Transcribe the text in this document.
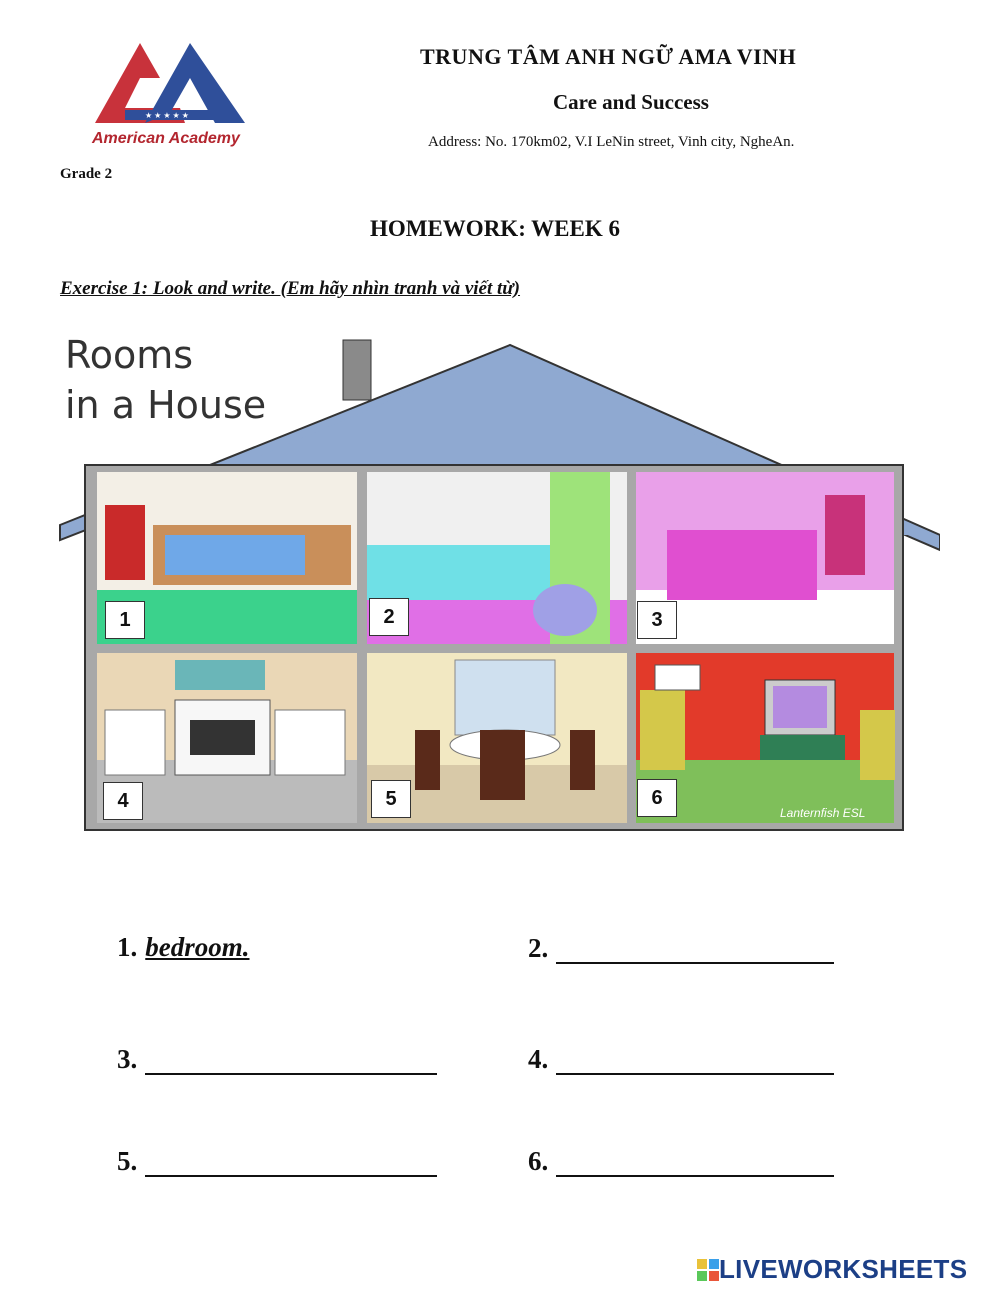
★ ★ ★ ★ ★
American Academy
TRUNG TÂM ANH NGỮ AMA VINH
Care and Success
Address: No. 170km02, V.I LeNin street, Vinh city, NgheAn.
Grade 2
HOMEWORK: WEEK 6
Exercise 1: Look and write. (Em hãy nhìn tranh và viết từ)
Rooms
in a House
1	2	3
4	5	6
Lanternfish ESL
1. bedroom.	2.
3.	4.
5.	6.
LIVEWORKSHEETS
